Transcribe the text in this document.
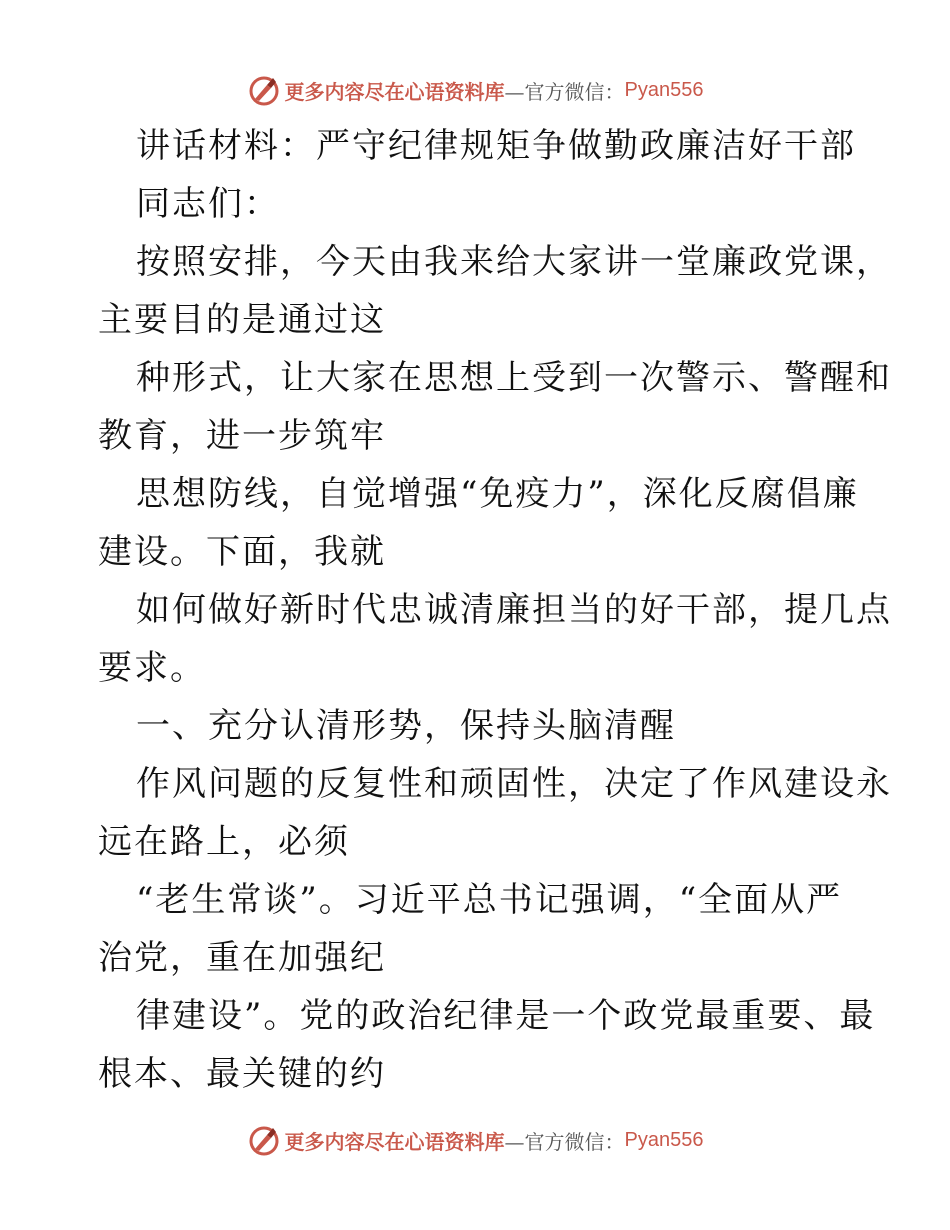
更多内容尽在心语资料库 —官方微信： Pyan556
讲话材料：严守纪律规矩争做勤政廉洁好干部
同志们：
按照安排，今天由我来给大家讲一堂廉政党课，
主要目的是通过这
种形式，让大家在思想上受到一次警示、警醒和
教育，进一步筑牢
思想防线，自觉增强“免疫力”，深化反腐倡廉
建设。下面，我就
如何做好新时代忠诚清廉担当的好干部，提几点
要求。
一、充分认清形势，保持头脑清醒
作风问题的反复性和顽固性，决定了作风建设永
远在路上，必须
“老生常谈”。习近平总书记强调，“全面从严
治党，重在加强纪
律建设”。党的政治纪律是一个政党最重要、最
根本、最关键的约
更多内容尽在心语资料库 —官方微信： Pyan556
